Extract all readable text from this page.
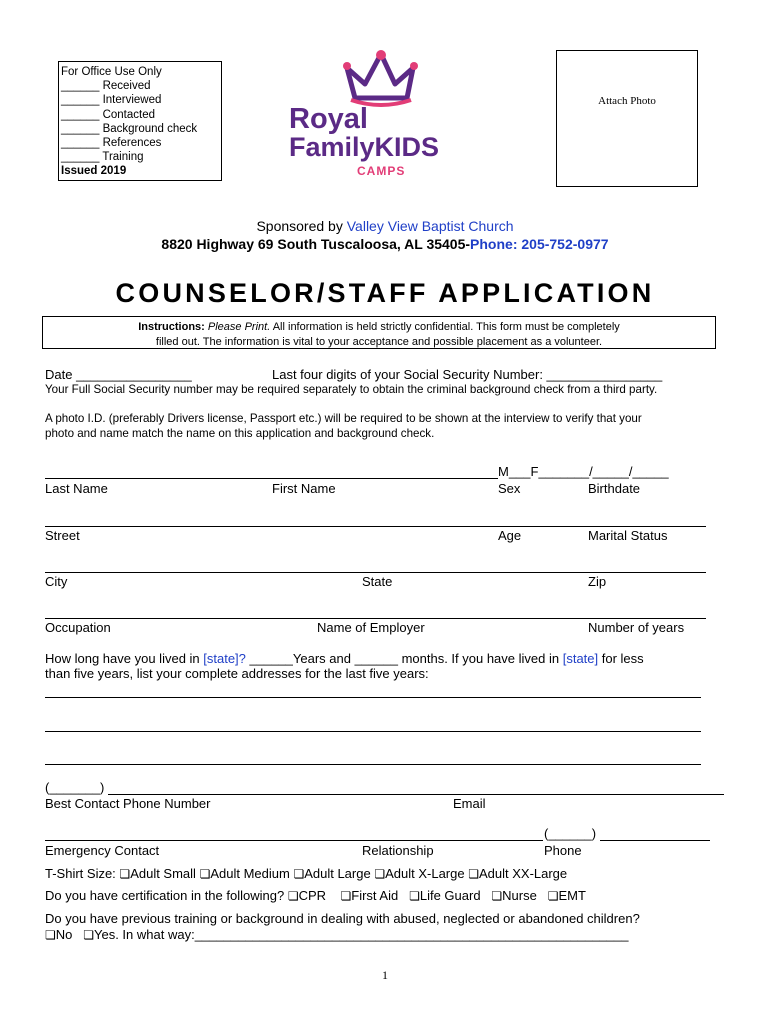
For Office Use Only
______ Received
______ Interviewed
______ Contacted
______ Background check
______ References
______ Training
Issued 2019
Royal
FamilyKIDS
CAMPS
Attach Photo
Sponsored by Valley View Baptist Church
8820 Highway 69 South Tuscaloosa, AL 35405-Phone: 205-752-0977
COUNSELOR/STAFF APPLICATION
Instructions: Please Print. All information is held strictly confidential. This form must be completely
filled out. The information is vital to your acceptance and possible placement as a volunteer.
Date ________________	Last four digits of your Social Security Number: ________________
Your Full Social Security number may be required separately to obtain the criminal background check from a third party.
A photo I.D. (preferably Drivers license, Passport etc.) will be required to be shown at the interview to verify that your
photo and name match the name on this application and background check.
M___F_______/_____/_____
Last Name	First Name	Sex	Birthdate
Street	Age	Marital Status
City	State	Zip
Occupation	Name of Employer	Number of years
How long have you lived in [state]? ______Years and ______ months. If you have lived in [state] for less
than five years, list your complete addresses for the last five years:
(_______)
Best Contact Phone Number	Email
(______)
Emergency Contact	Relationship	Phone
T-Shirt Size: ❏Adult Small ❏Adult Medium ❏Adult Large ❏Adult X-Large ❏Adult XX-Large
Do you have certification in the following? ❏CPR ❏First Aid ❏Life Guard ❏Nurse ❏EMT
Do you have previous training or background in dealing with abused, neglected or abandoned children?
❏No ❏Yes. In what way:____________________________________________________________
1
